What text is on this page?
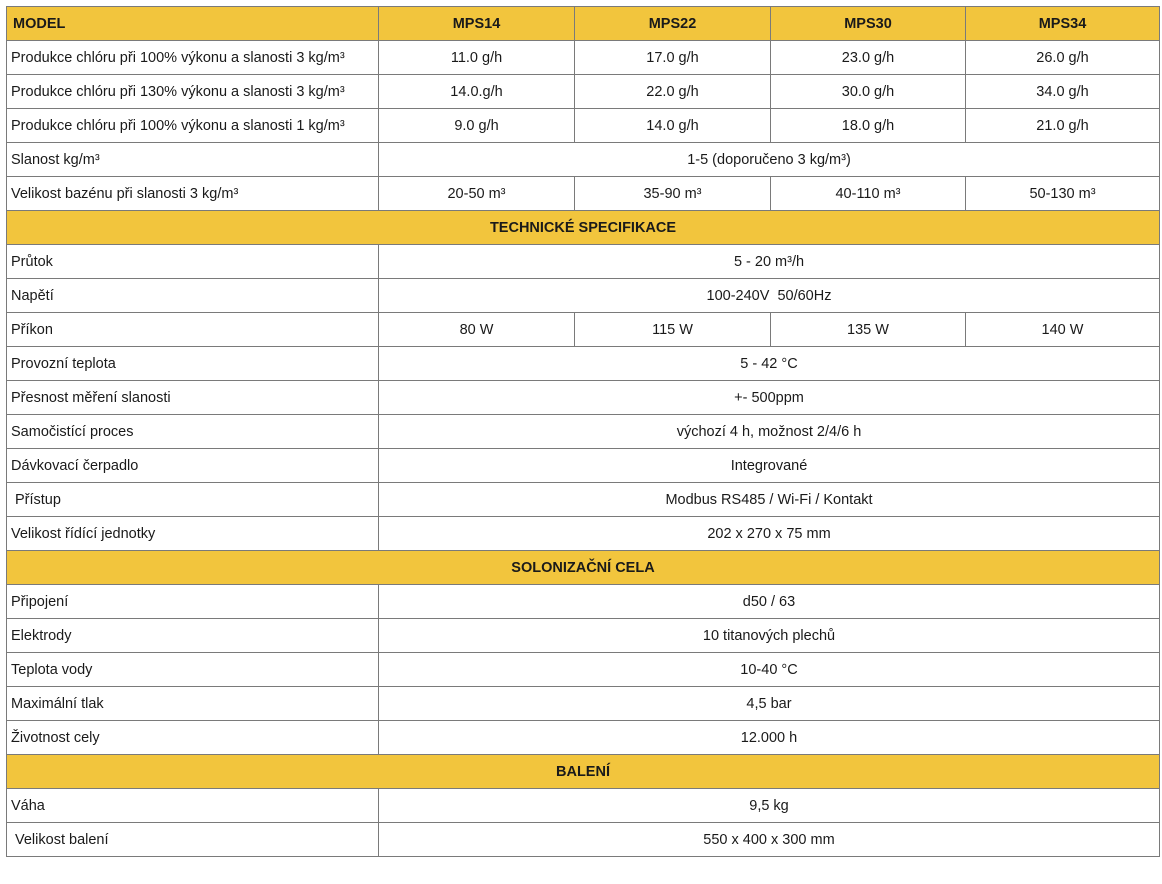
MODEL	MPS14	MPS22	MPS30	MPS34
Produkce chlóru při 100% výkonu a slanosti 3 kg/m³	11.0 g/h	17.0 g/h	23.0 g/h	26.0 g/h
Produkce chlóru při 130% výkonu a slanosti 3 kg/m³	14.0.g/h	22.0 g/h	30.0 g/h	34.0 g/h
Produkce chlóru při 100% výkonu a slanosti 1 kg/m³	9.0 g/h	14.0 g/h	18.0 g/h	21.0 g/h
Slanost kg/m³	1-5 (doporučeno 3 kg/m³)			
Velikost bazénu při slanosti 3 kg/m³	20-50 m³	35-90 m³	40-110 m³	50-130 m³
TECHNICKÉ SPECIFIKACE				
Průtok	5 - 20 m³/h			
Napětí	100-240V  50/60Hz			
Příkon	80 W	115 W	135 W	140 W
Provozní teplota	5 - 42 °C			
Přesnost měření slanosti	+- 500ppm			
Samočistící proces	výchozí 4 h, možnost 2/4/6 h			
Dávkovací čerpadlo	Integrované			
Přístup	Modbus RS485 / Wi-Fi / Kontakt			
Velikost řídící jednotky	202 x 270 x 75 mm			
SOLONIZAČNÍ CELA				
Připojení	d50 / 63			
Elektrody	10 titanových plechů			
Teplota vody	10-40 °C			
Maximální tlak	4,5 bar			
Životnost cely	12.000 h			
BALENÍ				
Váha	9,5 kg			
Velikost balení	550 x 400 x 300 mm			
